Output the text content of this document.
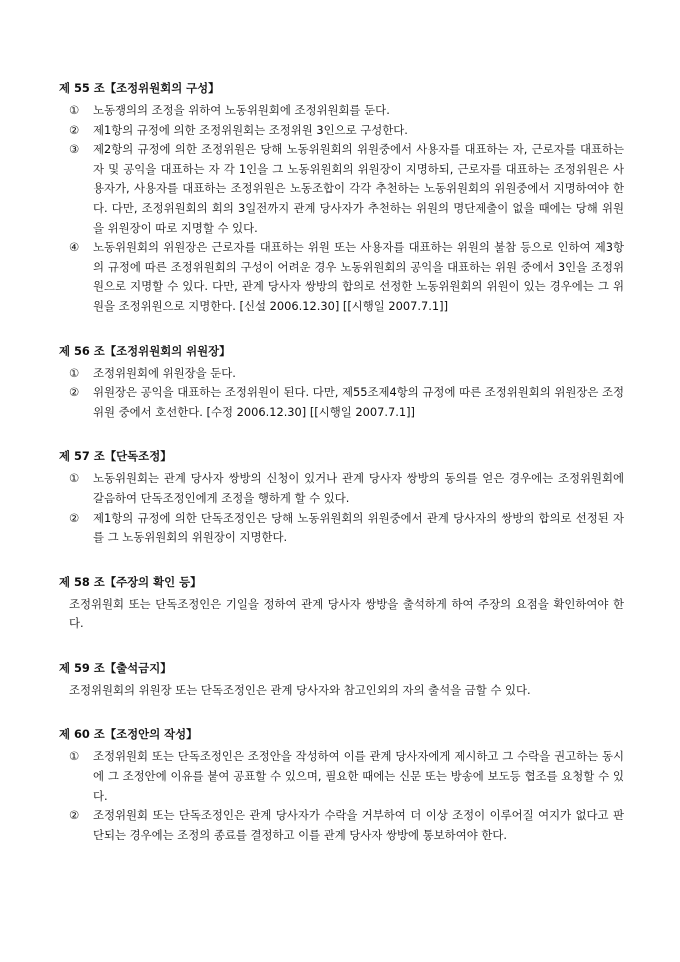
제 55 조【조정위원회의 구성】
①	노동쟁의의 조정을 위하여 노동위원회에 조정위원회를 둔다.
②	제1항의 규정에 의한 조정위원회는 조정위원 3인으로 구성한다.
③	제2항의 규정에 의한 조정위원은 당해 노동위원회의 위원중에서 사용자를 대표하는 자, 근로자를 대표하는 자 및 공익을 대표하는 자 각 1인을 그 노동위원회의 위원장이 지명하되, 근로자를 대표하는 조정위원은 사용자가, 사용자를 대표하는 조정위원은 노동조합이 각각 추천하는 노동위원회의 위원중에서 지명하여야 한다. 다만, 조정위원회의 회의 3일전까지 관계 당사자가 추천하는 위원의 명단제출이 없을 때에는 당해 위원을 위원장이 따로 지명할 수 있다.
④	노동위원회의 위원장은 근로자를 대표하는 위원 또는 사용자를 대표하는 위원의 불참 등으로 인하여 제3항의 규정에 따른 조정위원회의 구성이 어려운 경우 노동위원회의 공익을 대표하는 위원 중에서 3인을 조정위원으로 지명할 수 있다. 다만, 관계 당사자 쌍방의 합의로 선정한 노동위원회의 위원이 있는 경우에는 그 위원을 조정위원으로 지명한다. [신설 2006.12.30] [[시행일 2007.7.1]]
제 56 조【조정위원회의 위원장】
①	조정위원회에 위원장을 둔다.
②	위원장은 공익을 대표하는 조정위원이 된다. 다만, 제55조제4항의 규정에 따른 조정위원회의 위원장은 조정위원 중에서 호선한다. [수정 2006.12.30] [[시행일 2007.7.1]]
제 57 조【단독조정】
①	노동위원회는 관계 당사자 쌍방의 신청이 있거나 관계 당사자 쌍방의 동의를 얻은 경우에는 조정위원회에 갈음하여 단독조정인에게 조정을 행하게 할 수 있다.
②	제1항의 규정에 의한 단독조정인은 당해 노동위원회의 위원중에서 관계 당사자의 쌍방의 합의로 선정된 자를 그 노동위원회의 위원장이 지명한다.
제 58 조【주장의 확인 등】
조정위원회 또는 단독조정인은 기일을 정하여 관계 당사자 쌍방을 출석하게 하여 주장의 요점을 확인하여야 한다.
제 59 조【출석금지】
조정위원회의 위원장 또는 단독조정인은 관계 당사자와 참고인외의 자의 출석을 금할 수 있다.
제 60 조【조정안의 작성】
①	조정위원회 또는 단독조정인은 조정안을 작성하여 이를 관계 당사자에게 제시하고 그 수락을 권고하는 동시에 그 조정안에 이유를 붙여 공표할 수 있으며, 필요한 때에는 신문 또는 방송에 보도등 협조를 요청할 수 있다.
②	조정위원회 또는 단독조정인은 관계 당사자가 수락을 거부하여 더 이상 조정이 이루어질 여지가 없다고 판단되는 경우에는 조정의 종료를 결정하고 이를 관계 당사자 쌍방에 통보하여야 한다.
